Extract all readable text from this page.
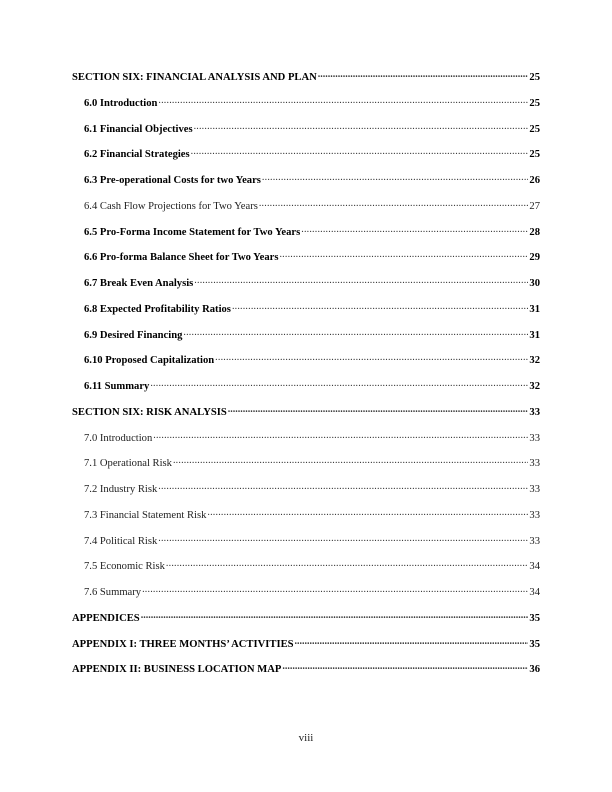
SECTION SIX: FINANCIAL ANALYSIS AND PLAN .....	25
6.0 Introduction .....	25
6.1 Financial Objectives .....	25
6.2 Financial Strategies .....	25
6.3 Pre-operational Costs for two Years .....	26
6.4 Cash Flow Projections for Two Years .....	27
6.5 Pro-Forma Income Statement for Two Years .....	28
6.6 Pro-forma Balance Sheet for Two Years .....	29
6.7 Break Even Analysis .....	30
6.8 Expected Profitability Ratios .....	31
6.9 Desired Financing .....	31
6.10 Proposed Capitalization .....	32
6.11 Summary .....	32
SECTION SIX: RISK ANALYSIS .....	33
7.0 Introduction .....	33
7.1 Operational Risk .....	33
7.2 Industry Risk .....	33
7.3 Financial Statement Risk .....	33
7.4 Political Risk .....	33
7.5 Economic Risk .....	34
7.6 Summary .....	34
APPENDICES .....	35
APPENDIX I: THREE MONTHS’ ACTIVITIES .....	35
APPENDIX II: BUSINESS LOCATION MAP .....	36
viii
